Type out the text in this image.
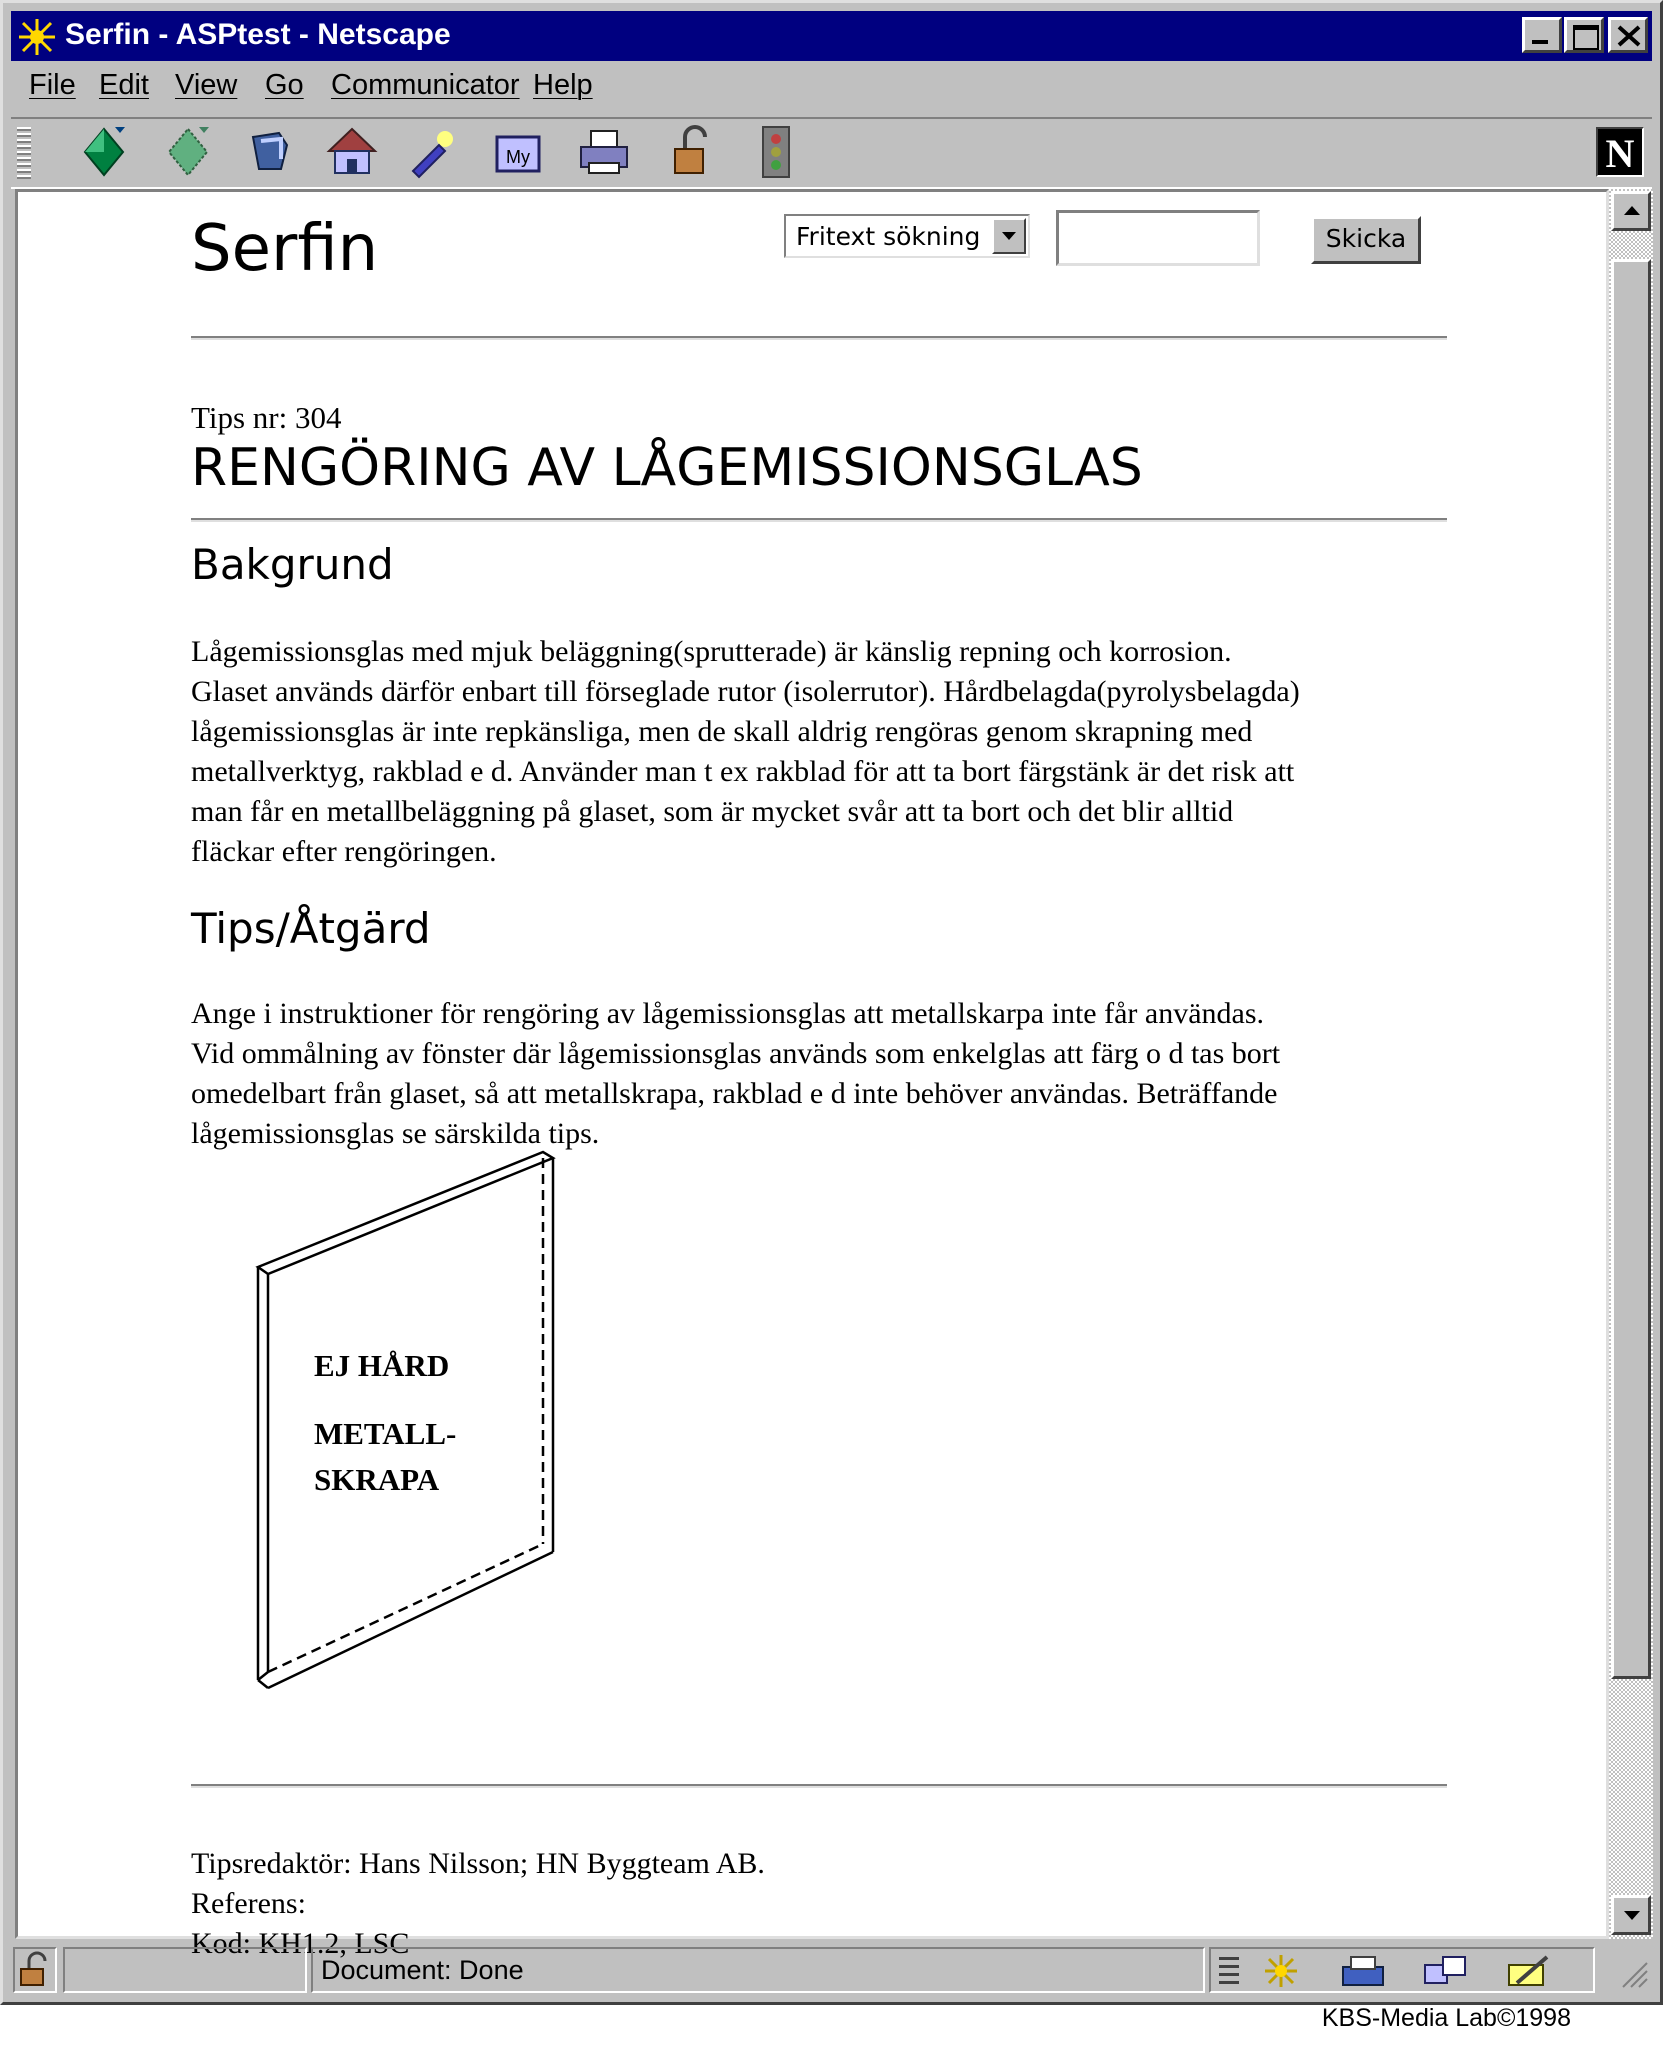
Serfin - ASPtest - Netscape
File Edit View Go Communicator Help
My	N
Serfin	Fritext sökning	Skicka
Tips nr: 304
RENGÖRING AV LÅGEMISSIONSGLAS
Bakgrund
Lågemissionsglas med mjuk beläggning(sprutterade) är känslig repning och korrosion.
Glaset används därför enbart till förseglade rutor (isolerrutor). Hårdbelagda(pyrolysbelagda)
lågemissionsglas är inte repkänsliga, men de skall aldrig rengöras genom skrapning med
metallverktyg, rakblad e d. Använder man t ex rakblad för att ta bort färgstänk är det risk att
man får en metallbeläggning på glaset, som är mycket svår att ta bort och det blir alltid
fläckar efter rengöringen.
Tips/Åtgärd
Ange i instruktioner för rengöring av lågemissionsglas att metallskarpa inte får användas.
Vid ommålning av fönster där lågemissionsglas används som enkelglas att färg o d tas bort
omedelbart från glaset, så att metallskrapa, rakblad e d inte behöver användas. Beträffande
lågemissionsglas se särskilda tips.
EJ HÅRD
METALL-
SKRAPA
Tipsredaktör: Hans Nilsson; HN Byggteam AB.
Referens:
Kod: KH1.2, LSC
Document: Done
KBS-Media Lab©1998
